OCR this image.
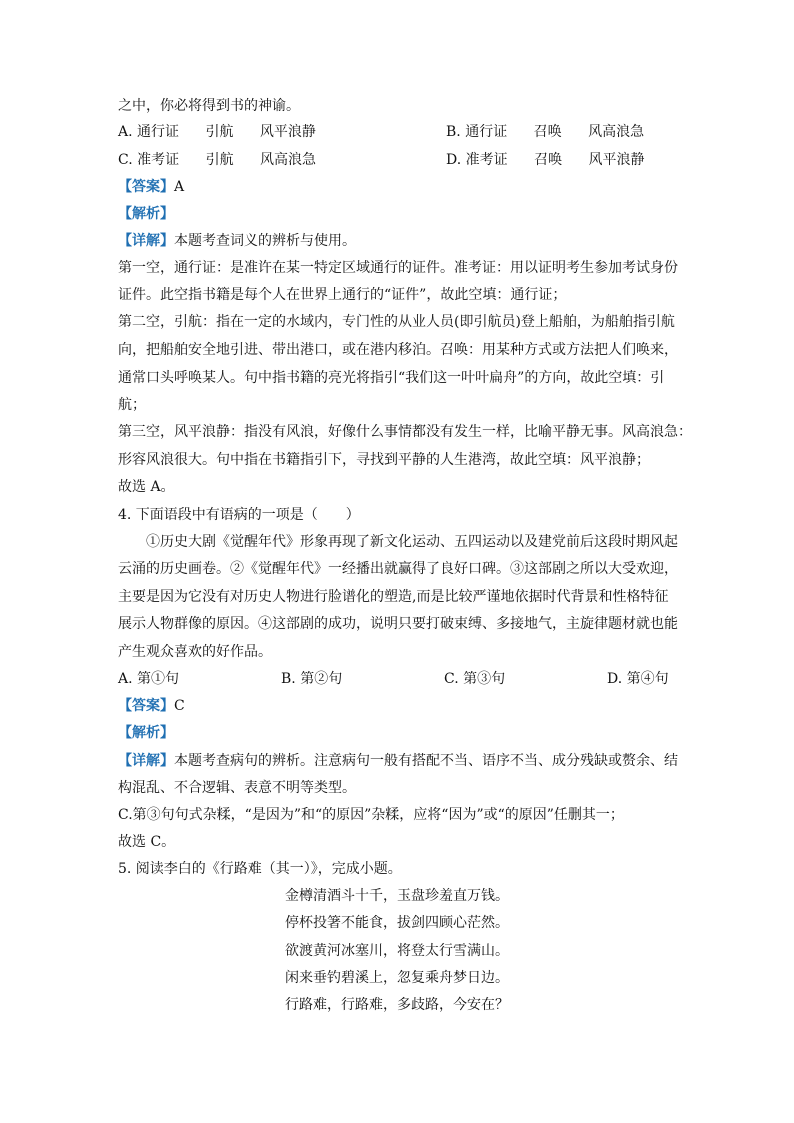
之中，你必将得到书的神谕。
A. 通行证 引航 风平浪静	B. 通行证 召唤 风高浪急
C. 准考证 引航 风高浪急	D. 准考证 召唤 风平浪静
【答案】A
【解析】
【详解】本题考查词义的辨析与使用。
第一空，通行证：是准许在某一特定区域通行的证件。准考证：用以证明考生参加考试身份
证件。此空指书籍是每个人在世界上通行的“证件”，故此空填：通行证；
第二空，引航：指在一定的水域内，专门性的从业人员(即引航员)登上船舶，为船舶指引航
向，把船舶安全地引进、带出港口，或在港内移泊。召唤：用某种方式或方法把人们唤来，
通常口头呼唤某人。句中指书籍的亮光将指引“我们这一叶叶扁舟”的方向，故此空填：引
航；
第三空，风平浪静：指没有风浪，好像什么事情都没有发生一样，比喻平静无事。风高浪急：
形容风浪很大。句中指在书籍指引下，寻找到平静的人生港湾，故此空填：风平浪静；
故选 A。
4. 下面语段中有语病的一项是（　　）
　　①历史大剧《觉醒年代》形象再现了新文化运动、五四运动以及建党前后这段时期风起
云涌的历史画卷。②《觉醒年代》一经播出就赢得了良好口碑。③这部剧之所以大受欢迎，
主要是因为它没有对历史人物进行脸谱化的塑造,而是比较严谨地依据时代背景和性格特征
展示人物群像的原因。④这部剧的成功，说明只要打破束缚、多接地气，主旋律题材就也能
产生观众喜欢的好作品。
A. 第①句	B. 第②句	C. 第③句	D. 第④句
【答案】C
【解析】
【详解】本题考查病句的辨析。注意病句一般有搭配不当、语序不当、成分残缺或赘余、结
构混乱、不合逻辑、表意不明等类型。
C.第③句句式杂糅，“是因为”和“的原因”杂糅，应将“因为”或“的原因”任删其一；
故选 C。
5. 阅读李白的《行路难（其一）》，完成小题。
金樽清酒斗十千，玉盘珍羞直万钱。
停杯投箸不能食，拔剑四顾心茫然。
欲渡黄河冰塞川，将登太行雪满山。
闲来垂钓碧溪上，忽复乘舟梦日边。
行路难，行路难，多歧路，今安在？
